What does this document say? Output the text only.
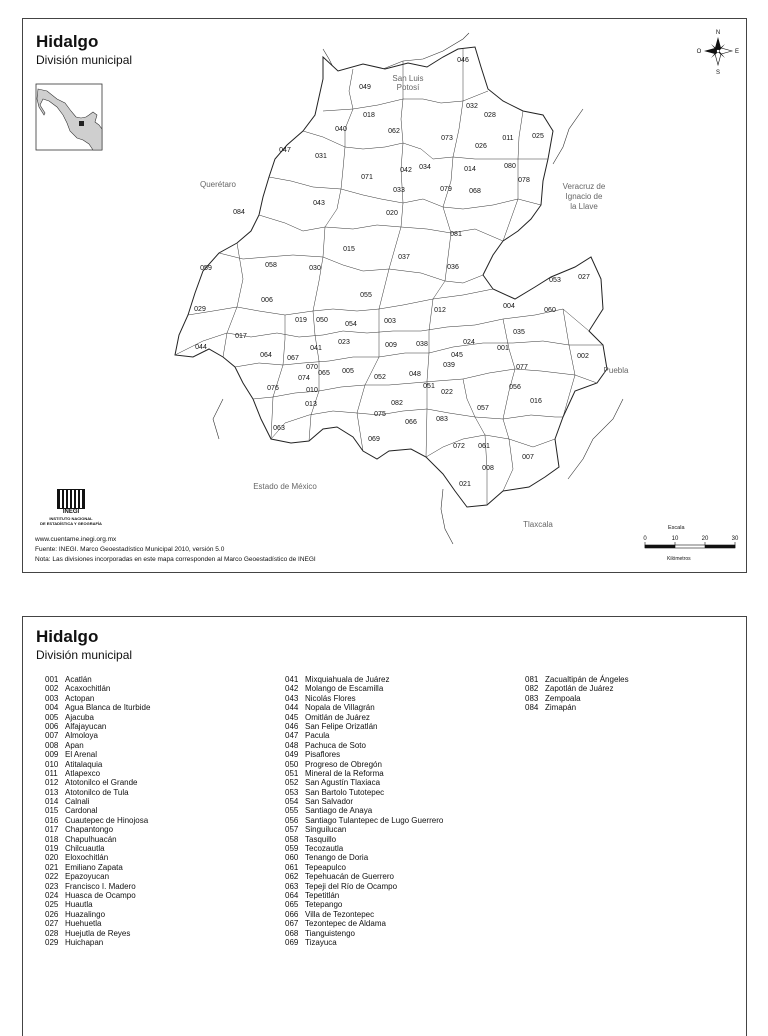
Hidalgo
División municipal
N
S
E
O
046
049
018
032
028
040	062
073
026
011	025
047
031
042 034	014	080
071
033
078
079 068
043
020
084
081
015
037
036
058	030
059
053 027
006
055
029	004
060
012
019 050
054	003
035
017
044
023	009	038	024
001
041
064 067	045	002
039
070
065
074
005
052	048
077
010
076	051
022
056
013	082	016
057
075
066	083
063
069
072 061
007
008
021
San Luis
Potosí
Querétaro	Veracruz de
Ignacio de
la Llave
Puebla
Estado de México
Tlaxcala
0	10	20	30
Escala
Kilómetros
INEGI
INSTITUTO NACIONAL
DE ESTADÍSTICA Y GEOGRAFÍA
www.cuentame.inegi.org.mx
Fuente: INEGI. Marco Geoestadístico Municipal 2010, versión 5.0
Nota: Las divisiones incorporadas en este mapa corresponden al Marco Geoestadístico de INEGI
Hidalgo
División municipal
001 Acatlán
002 Acaxochitlán
003 Actopan
004 Agua Blanca de Iturbide
005 Ajacuba
006 Alfajayucan
007 Almoloya
008 Apan
009 El Arenal
010 Atitalaquia
011 Atlapexco
012 Atotonilco el Grande
013 Atotonilco de Tula
014 Calnali
015 Cardonal
016 Cuautepec de Hinojosa
017 Chapantongo
018 Chapulhuacán
019 Chilcuautla
020 Eloxochitlán
021 Emiliano Zapata
022 Epazoyucan
023 Francisco I. Madero
024 Huasca de Ocampo
025 Huautla
026 Huazalingo
027 Huehuetla
028 Huejutla de Reyes
029 Huichapan
041 Mixquiahuala de Juárez
042 Molango de Escamilla
043 Nicolás Flores
044 Nopala de Villagrán
045 Omitlán de Juárez
046 San Felipe Orizatlán
047 Pacula
048 Pachuca de Soto
049 Pisaflores
050 Progreso de Obregón
051 Mineral de la Reforma
052 San Agustín Tlaxiaca
053 San Bartolo Tutotepec
054 San Salvador
055 Santiago de Anaya
056 Santiago Tulantepec de Lugo Guerrero
057 Singuilucan
058 Tasquillo
059 Tecozautla
060 Tenango de Doria
061 Tepeapulco
062 Tepehuacán de Guerrero
063 Tepeji del Río de Ocampo
064 Tepetitlán
065 Tetepango
066 Villa de Tezontepec
067 Tezontepec de Aldama
068 Tianguistengo
069 Tizayuca
081 Zacualtipán de Ángeles
082 Zapotlán de Juárez
083 Zempoala
084 Zimapán
